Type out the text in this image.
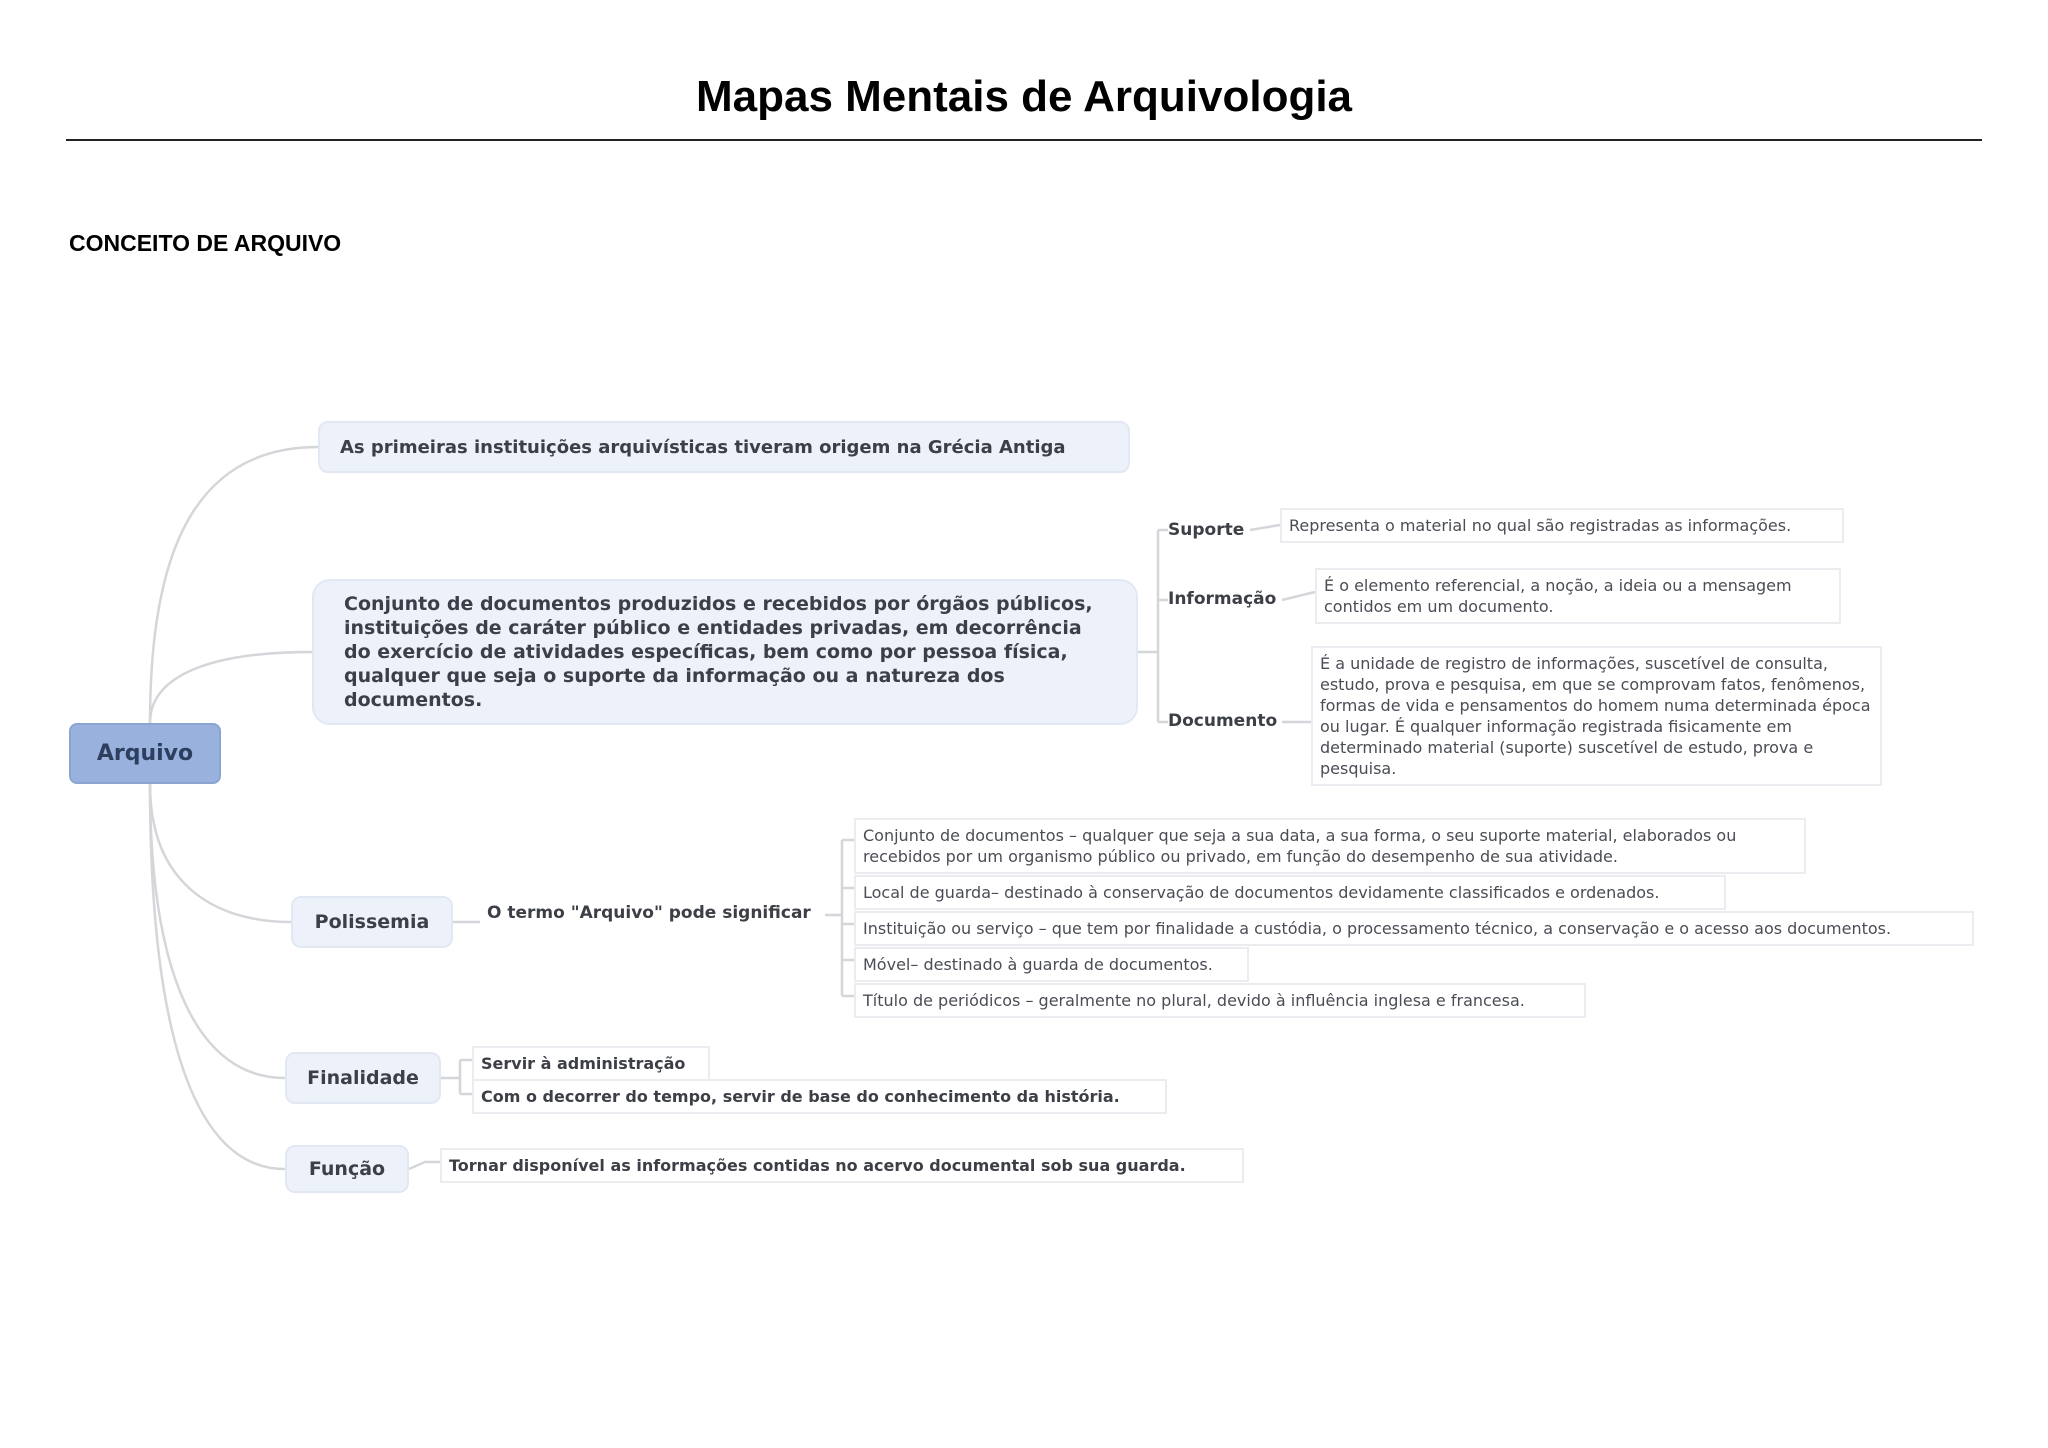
Mapas Mentais de Arquivologia
CONCEITO DE ARQUIVO
Arquivo
As primeiras instituições arquivísticas tiveram origem na Grécia Antiga
Conjunto de documentos produzidos e recebidos por órgãos públicos, instituições de caráter público e entidades privadas, em decorrência do exercício de atividades específicas, bem como por pessoa física, qualquer que seja o suporte da informação ou a natureza dos documentos.
Suporte	Representa o material no qual são registradas as informações.
Informação
É o elemento referencial, a noção, a ideia ou a mensagem contidos em um documento.
Documento
É a unidade de registro de informações, suscetível de consulta, estudo, prova e pesquisa, em que se comprovam fatos, fenômenos, formas de vida e pensamentos do homem numa determinada época ou lugar. É qualquer informação registrada fisicamente em determinado material (suporte) suscetível de estudo, prova e pesquisa.
Polissemia	O termo "Arquivo" pode significar
Conjunto de documentos – qualquer que seja a sua data, a sua forma, o seu suporte material, elaborados ou recebidos por um organismo público ou privado, em função do desempenho de sua atividade.
Local de guarda– destinado à conservação de documentos devidamente classificados e ordenados.
Instituição ou serviço – que tem por finalidade a custódia, o processamento técnico, a conservação e o acesso aos documentos.
Móvel– destinado à guarda de documentos.
Título de periódicos – geralmente no plural, devido à influência inglesa e francesa.
Finalidade
Servir à administração
Com o decorrer do tempo, servir de base do conhecimento da história.
Função	Tornar disponível as informações contidas no acervo documental sob sua guarda.
